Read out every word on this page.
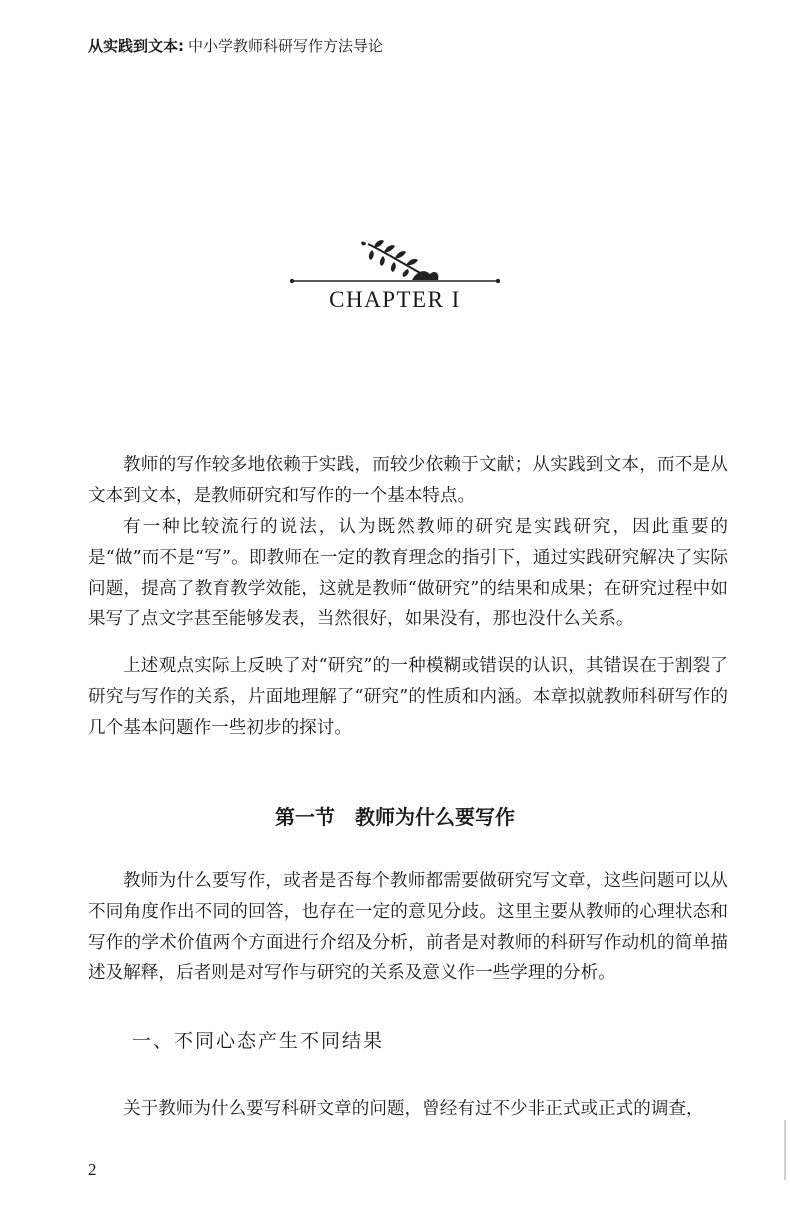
从实践到文本: 中小学教师科研写作方法导论
CHAPTER I

教师的写作较多地依赖于实践，而较少依赖于文献；从实践到文本，而不是从文本到文本，是教师研究和写作的一个基本特点。

有一种比较流行的说法，认为既然教师的研究是实践研究，因此重要的是“做”而不是“写”。即教师在一定的教育理念的指引下，通过实践研究解决了实际问题，提高了教育教学效能，这就是教师“做研究”的结果和成果；在研究过程中如果写了点文字甚至能够发表，当然很好，如果没有，那也没什么关系。

上述观点实际上反映了对“研究”的一种模糊或错误的认识，其错误在于割裂了研究与写作的关系，片面地理解了“研究”的性质和内涵。本章拟就教师科研写作的几个基本问题作一些初步的探讨。

第一节　教师为什么要写作

教师为什么要写作，或者是否每个教师都需要做研究写文章，这些问题可以从不同角度作出不同的回答，也存在一定的意见分歧。这里主要从教师的心理状态和写作的学术价值两个方面进行介绍及分析，前者是对教师的科研写作动机的简单描述及解释，后者则是对写作与研究的关系及意义作一些学理的分析。

一、不同心态产生不同结果

关于教师为什么要写科研文章的问题，曾经有过不少非正式或正式的调查，

2
